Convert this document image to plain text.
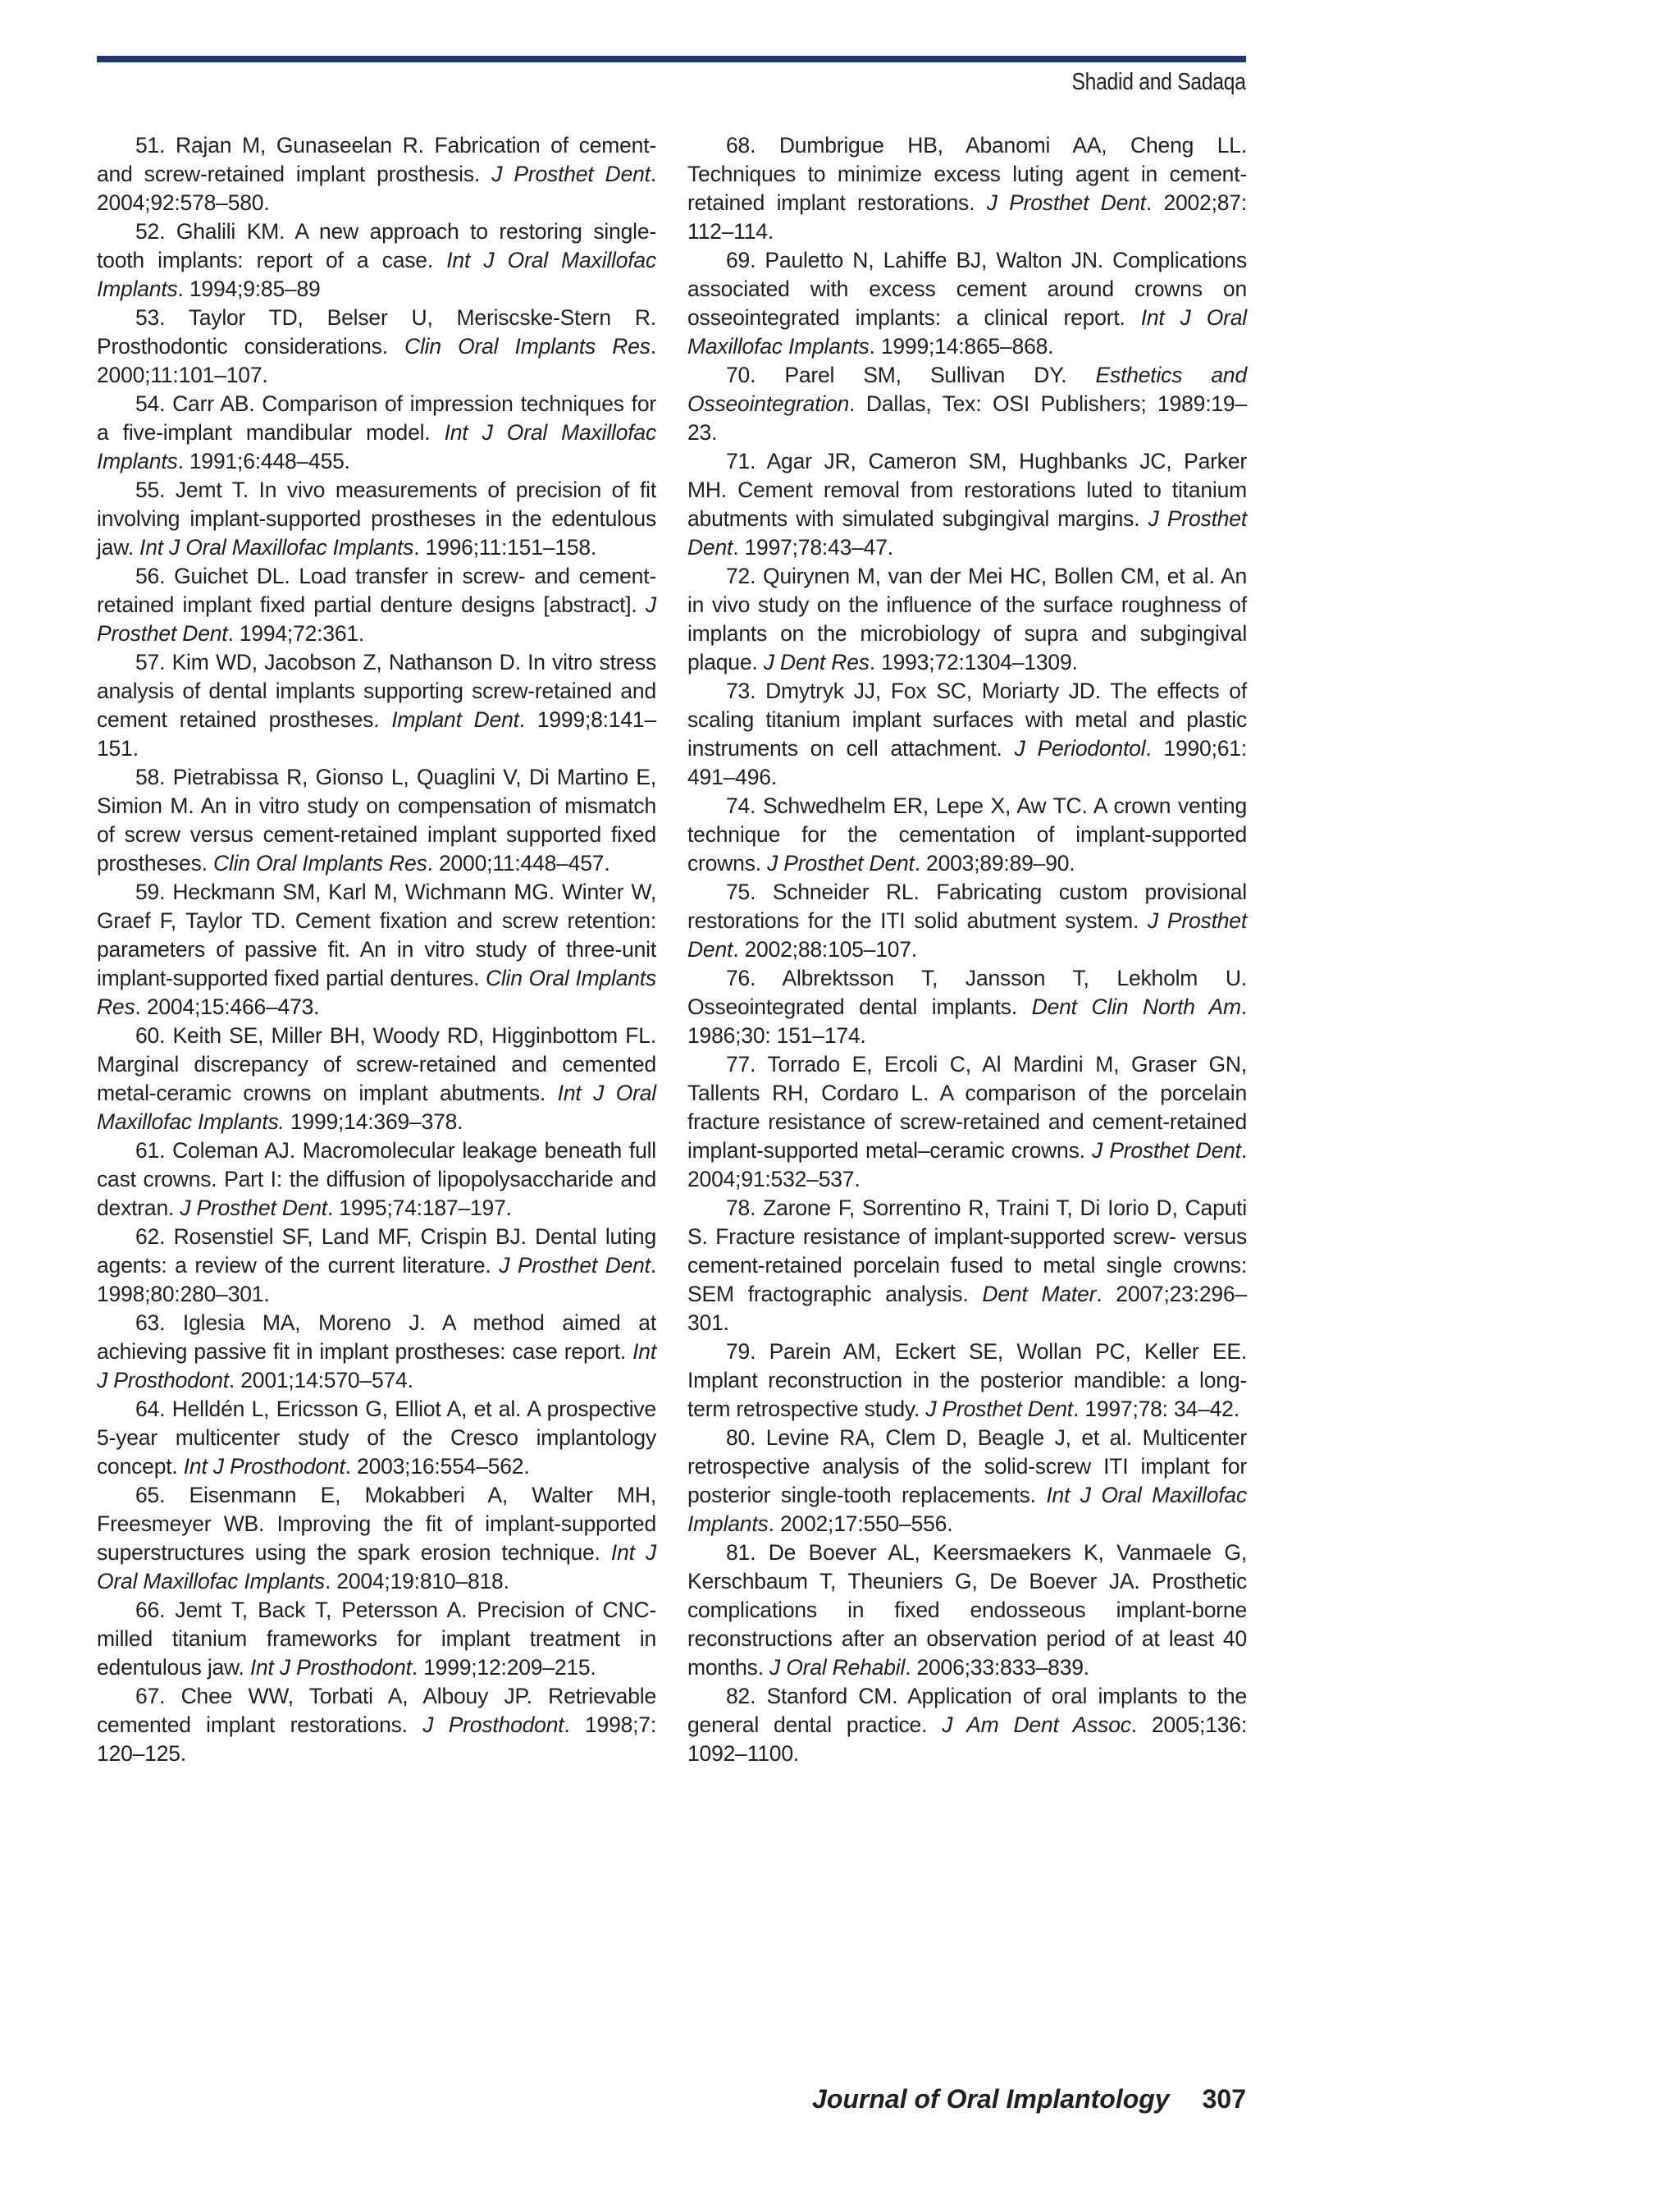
Shadid and Sadaqa

51. Rajan M, Gunaseelan R. Fabrication of cement-and screw-retained implant prosthesis. J Prosthet Dent. 2004;92:578–580.

52. Ghalili KM. A new approach to restoring single-tooth implants: report of a case. Int J Oral Maxillofac Implants. 1994;9:85–89

53. Taylor TD, Belser U, Meriscske-Stern R. Prosthodontic considerations. Clin Oral Implants Res. 2000;11:101–107.

54. Carr AB. Comparison of impression techniques for a five-implant mandibular model. Int J Oral Maxillofac Implants. 1991;6:448–455.

55. Jemt T. In vivo measurements of precision of fit involving implant-supported prostheses in the edentulous jaw. Int J Oral Maxillofac Implants. 1996;11:151–158.

56. Guichet DL. Load transfer in screw- and cement-retained implant fixed partial denture designs [abstract]. J Prosthet Dent. 1994;72:361.

57. Kim WD, Jacobson Z, Nathanson D. In vitro stress analysis of dental implants supporting screw-retained and cement retained prostheses. Implant Dent. 1999;8:141–151.

58. Pietrabissa R, Gionso L, Quaglini V, Di Martino E, Simion M. An in vitro study on compensation of mismatch of screw versus cement-retained implant supported fixed prostheses. Clin Oral Implants Res. 2000;11:448–457.

59. Heckmann SM, Karl M, Wichmann MG. Winter W, Graef F, Taylor TD. Cement fixation and screw retention: parameters of passive fit. An in vitro study of three-unit implant-supported fixed partial dentures. Clin Oral Implants Res. 2004;15:466–473.

60. Keith SE, Miller BH, Woody RD, Higginbottom FL. Marginal discrepancy of screw-retained and cemented metal-ceramic crowns on implant abutments. Int J Oral Maxillofac Implants. 1999;14:369–378.

61. Coleman AJ. Macromolecular leakage beneath full cast crowns. Part I: the diffusion of lipopolysaccharide and dextran. J Prosthet Dent. 1995;74:187–197.

62. Rosenstiel SF, Land MF, Crispin BJ. Dental luting agents: a review of the current literature. J Prosthet Dent. 1998;80:280–301.

63. Iglesia MA, Moreno J. A method aimed at achieving passive fit in implant prostheses: case report. Int J Prosthodont. 2001;14:570–574.

64. Helldén L, Ericsson G, Elliot A, et al. A prospective 5-year multicenter study of the Cresco implantology concept. Int J Prosthodont. 2003;16:554–562.

65. Eisenmann E, Mokabberi A, Walter MH, Freesmeyer WB. Improving the fit of implant-supported superstructures using the spark erosion technique. Int J Oral Maxillofac Implants. 2004;19:810–818.

66. Jemt T, Back T, Petersson A. Precision of CNC-milled titanium frameworks for implant treatment in edentulous jaw. Int J Prosthodont. 1999;12:209–215.

67. Chee WW, Torbati A, Albouy JP. Retrievable cemented implant restorations. J Prosthodont. 1998;7: 120–125.

68. Dumbrigue HB, Abanomi AA, Cheng LL. Techniques to minimize excess luting agent in cement-retained implant restorations. J Prosthet Dent. 2002;87: 112–114.

69. Pauletto N, Lahiffe BJ, Walton JN. Complications associated with excess cement around crowns on osseointegrated implants: a clinical report. Int J Oral Maxillofac Implants. 1999;14:865–868.

70. Parel SM, Sullivan DY. Esthetics and Osseointegration. Dallas, Tex: OSI Publishers; 1989:19–23.

71. Agar JR, Cameron SM, Hughbanks JC, Parker MH. Cement removal from restorations luted to titanium abutments with simulated subgingival margins. J Prosthet Dent. 1997;78:43–47.

72. Quirynen M, van der Mei HC, Bollen CM, et al. An in vivo study on the influence of the surface roughness of implants on the microbiology of supra and subgingival plaque. J Dent Res. 1993;72:1304–1309.

73. Dmytryk JJ, Fox SC, Moriarty JD. The effects of scaling titanium implant surfaces with metal and plastic instruments on cell attachment. J Periodontol. 1990;61: 491–496.

74. Schwedhelm ER, Lepe X, Aw TC. A crown venting technique for the cementation of implant-supported crowns. J Prosthet Dent. 2003;89:89–90.

75. Schneider RL. Fabricating custom provisional restorations for the ITI solid abutment system. J Prosthet Dent. 2002;88:105–107.

76. Albrektsson T, Jansson T, Lekholm U. Osseointegrated dental implants. Dent Clin North Am. 1986;30: 151–174.

77. Torrado E, Ercoli C, Al Mardini M, Graser GN, Tallents RH, Cordaro L. A comparison of the porcelain fracture resistance of screw-retained and cement-retained implant-supported metal–ceramic crowns. J Prosthet Dent. 2004;91:532–537.

78. Zarone F, Sorrentino R, Traini T, Di Iorio D, Caputi S. Fracture resistance of implant-supported screw- versus cement-retained porcelain fused to metal single crowns: SEM fractographic analysis. Dent Mater. 2007;23:296–301.

79. Parein AM, Eckert SE, Wollan PC, Keller EE. Implant reconstruction in the posterior mandible: a long-term retrospective study. J Prosthet Dent. 1997;78: 34–42.

80. Levine RA, Clem D, Beagle J, et al. Multicenter retrospective analysis of the solid-screw ITI implant for posterior single-tooth replacements. Int J Oral Maxillofac Implants. 2002;17:550–556.

81. De Boever AL, Keersmaekers K, Vanmaele G, Kerschbaum T, Theuniers G, De Boever JA. Prosthetic complications in fixed endosseous implant-borne reconstructions after an observation period of at least 40 months. J Oral Rehabil. 2006;33:833–839.

82. Stanford CM. Application of oral implants to the general dental practice. J Am Dent Assoc. 2005;136: 1092–1100.

Journal of Oral Implantology 307
